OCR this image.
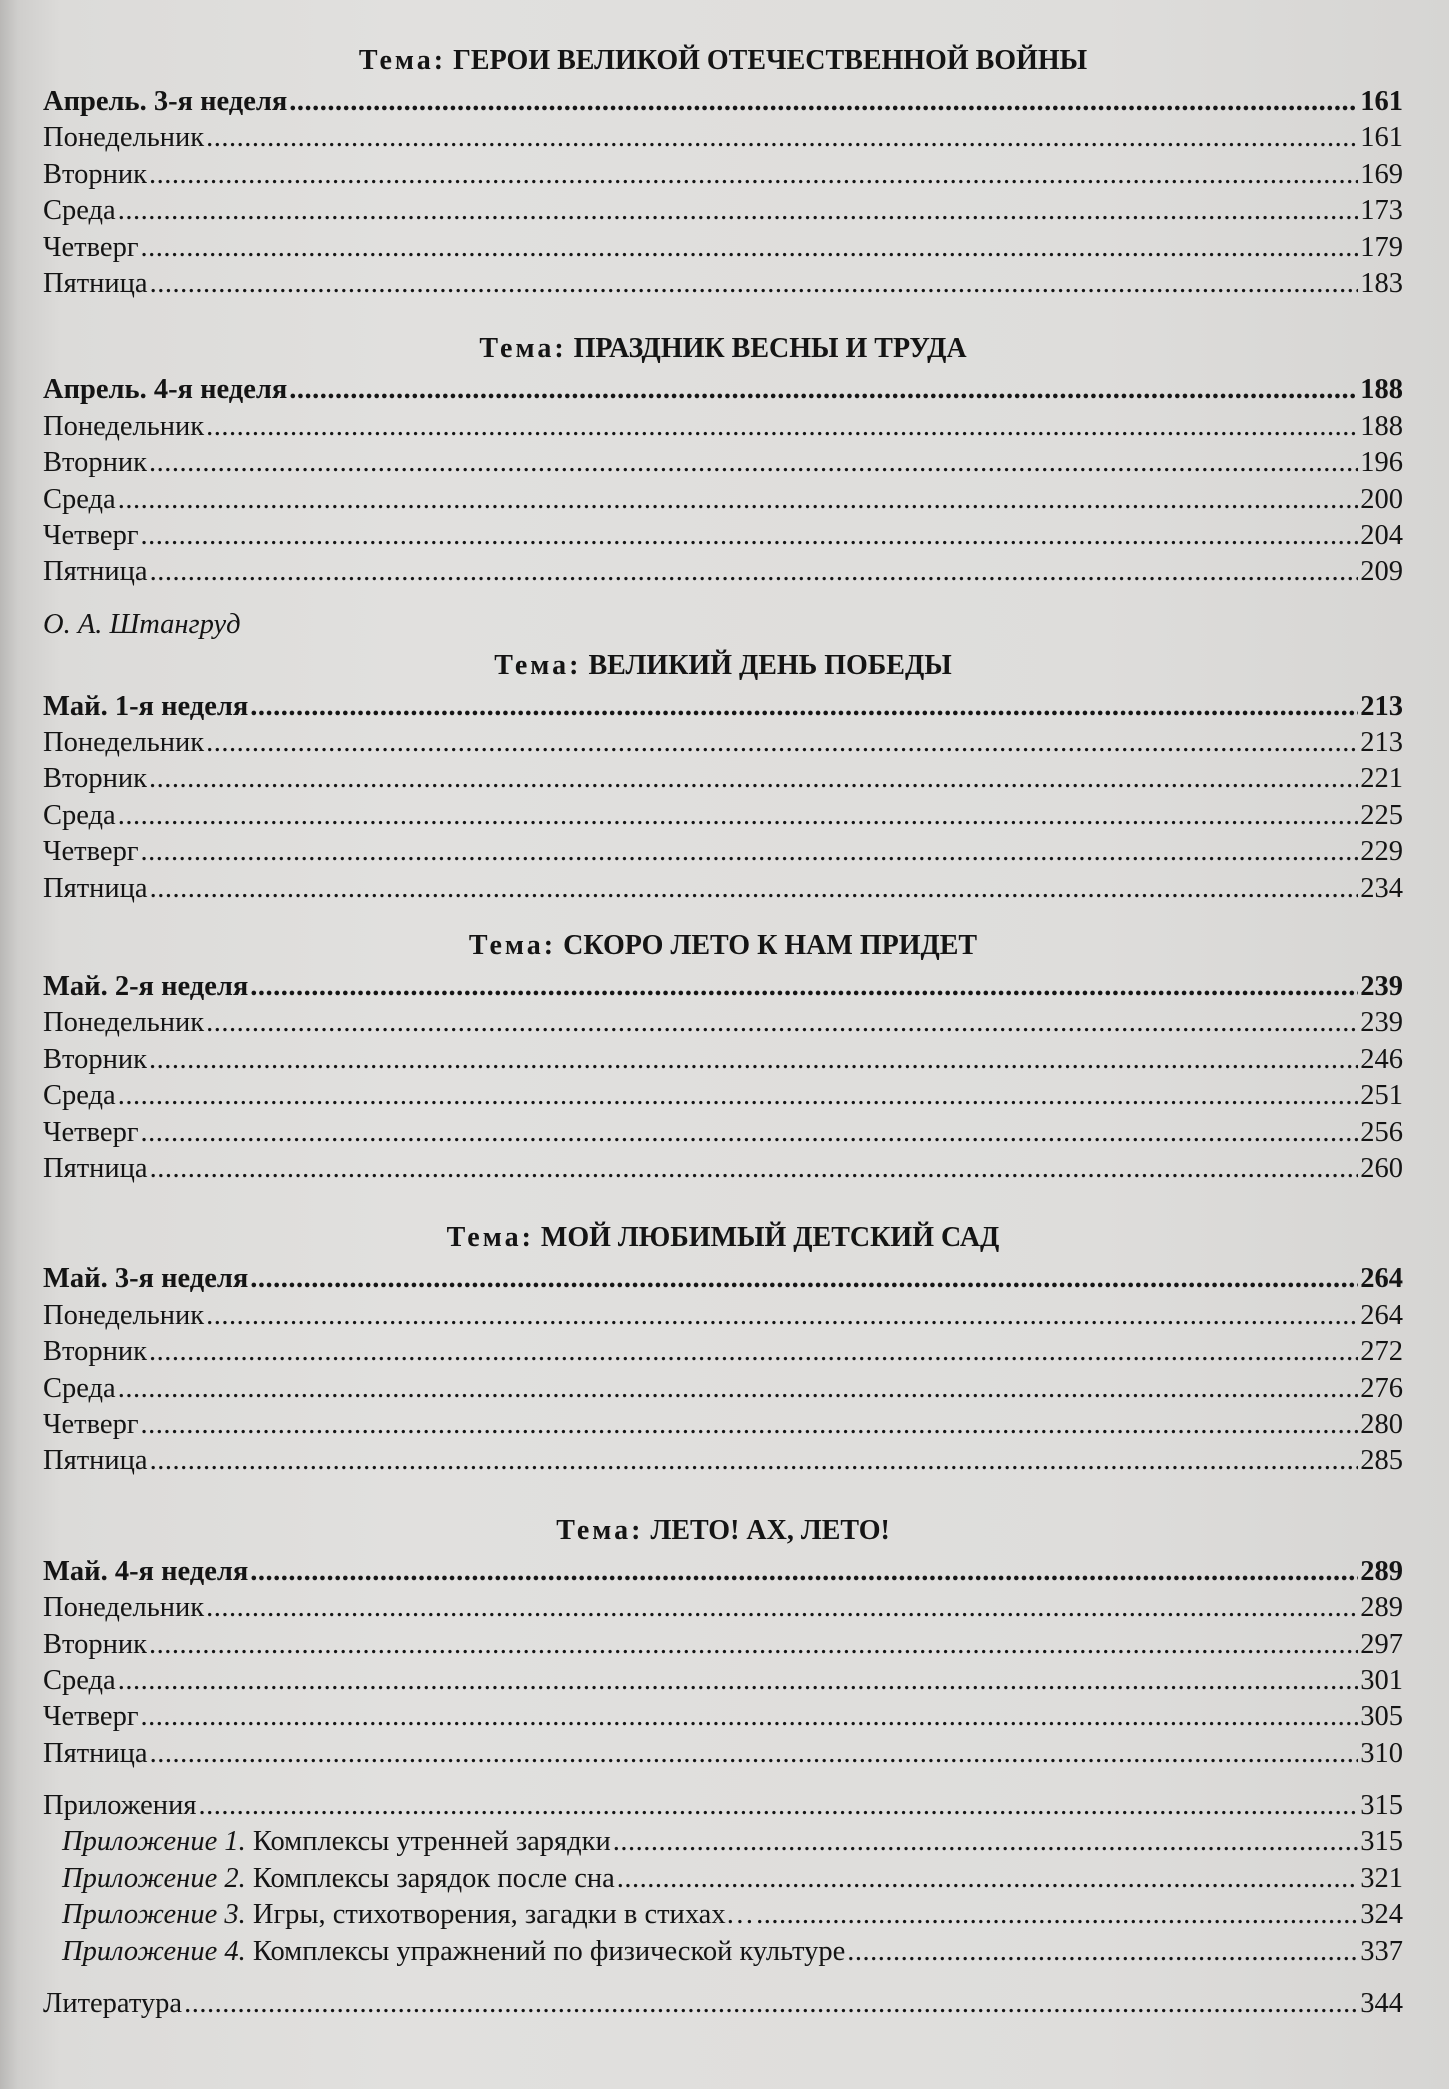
Тема: ГЕРОИ ВЕЛИКОЙ ОТЕЧЕСТВЕННОЙ ВОЙНЫ
Апрель. 3-я неделя .....	161
Понедельник .....	161
Вторник .....	169
Среда .....	173
Четверг .....	179
Пятница .....	183
Тема: ПРАЗДНИК ВЕСНЫ И ТРУДА
Апрель. 4-я неделя .....	188
Понедельник .....	188
Вторник .....	196
Среда .....	200
Четверг .....	204
Пятница .....	209
О. А. Штангруд
Тема: ВЕЛИКИЙ ДЕНЬ ПОБЕДЫ
Май. 1-я неделя .....	213
Понедельник .....	213
Вторник .....	221
Среда .....	225
Четверг .....	229
Пятница .....	234
Тема: СКОРО ЛЕТО К НАМ ПРИДЕТ
Май. 2-я неделя .....	239
Понедельник .....	239
Вторник .....	246
Среда .....	251
Четверг .....	256
Пятница .....	260
Тема: МОЙ ЛЮБИМЫЙ ДЕТСКИЙ САД
Май. 3-я неделя .....	264
Понедельник .....	264
Вторник .....	272
Среда .....	276
Четверг .....	280
Пятница .....	285
Тема: ЛЕТО! АХ, ЛЕТО!
Май. 4-я неделя .....	289
Понедельник .....	289
Вторник .....	297
Среда .....	301
Четверг .....	305
Пятница .....	310
Приложения .....	315
Приложение 1. Комплексы утренней зарядки .....	315
Приложение 2. Комплексы зарядок после сна .....	321
Приложение 3. Игры, стихотворения, загадки в стихах… .....	324
Приложение 4. Комплексы упражнений по физической культуре .....	337
Литература .....	344
